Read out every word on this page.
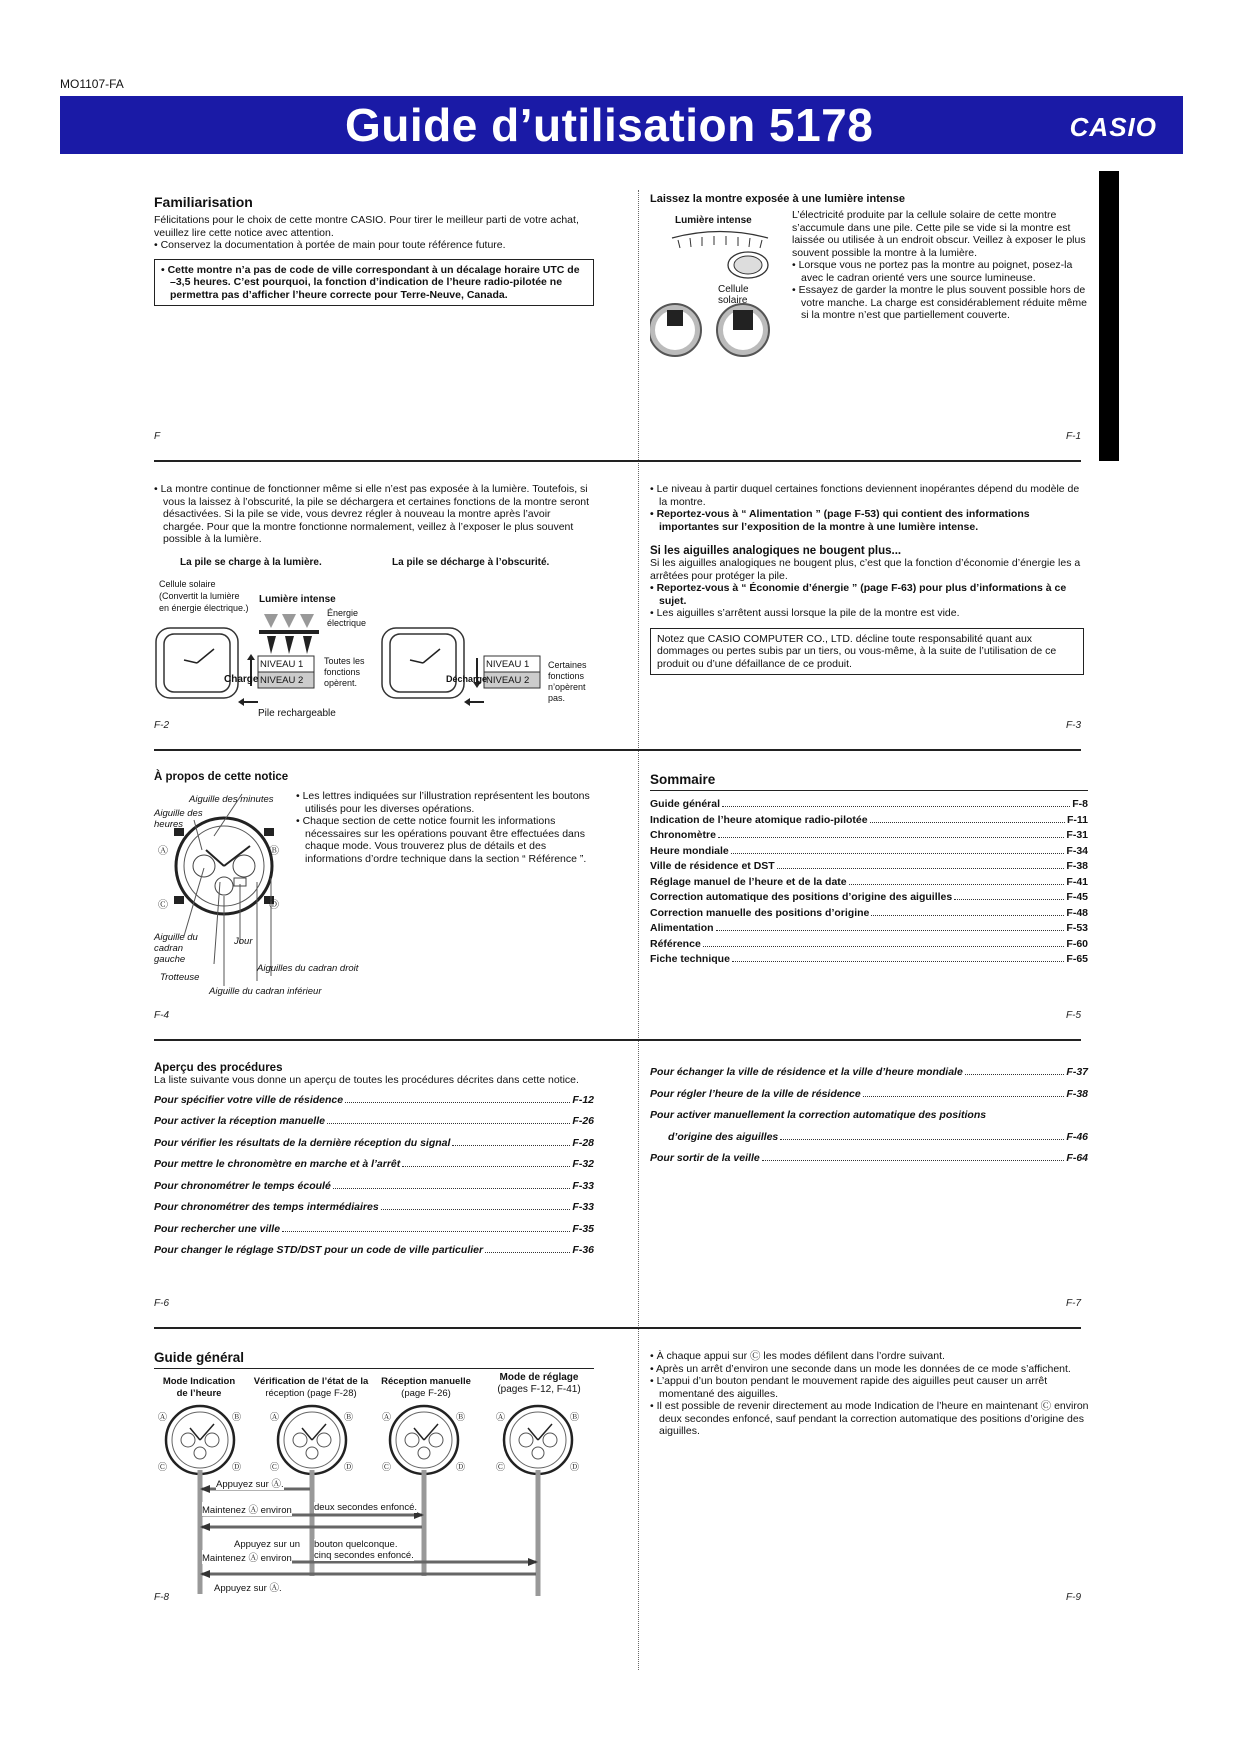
MO1107-FA
Guide d’utilisation 5178	CASIO
Familiarisation

Félicitations pour le choix de cette montre CASIO. Pour tirer le meilleur parti de votre achat, veuillez lire cette notice avec attention.

• Conservez la documentation à portée de main pour toute référence future.

• Cette montre n’a pas de code de ville correspondant à un décalage horaire UTC de –3,5 heures. C’est pourquoi, la fonction d’indication de l’heure radio-pilotée ne permettra pas d’afficher l’heure correcte pour Terre-Neuve, Canada.

Laissez la montre exposée à une lumière intense

Lumière intense
Cellule solaire

L’électricité produite par la cellule solaire de cette montre s’accumule dans une pile. Cette pile se vide si la montre est laissée ou utilisée à un endroit obscur. Veillez à exposer le plus souvent possible la montre à la lumière.

• Lorsque vous ne portez pas la montre au poignet, posez-la avec le cadran orienté vers une source lumineuse.

• Essayez de garder la montre le plus souvent possible hors de votre manche. La charge est considérablement réduite même si la montre n’est que partiellement couverte.

F	F-1

• La montre continue de fonctionner même si elle n’est pas exposée à la lumière. Toutefois, si vous la laissez à l’obscurité, la pile se déchargera et certaines fonctions de la montre seront désactivées. Si la pile se vide, vous devrez régler à nouveau la montre après l’avoir chargée. Pour que la montre fonctionne normalement, veillez à l’exposer le plus souvent possible à la lumière.

La pile se charge à la lumière.	La pile se décharge à l’obscurité.
Cellule solaire
(Convertit la lumière
en énergie électrique.)
Lumière intense
Énergie électrique
NIVEAU 1
NIVEAU 2
Charge
Toutes les fonctions opèrent.
NIVEAU 1
NIVEAU 2
Décharge
Certaines fonctions n’opèrent pas.
Pile rechargeable

• Le niveau à partir duquel certaines fonctions deviennent inopérantes dépend du modèle de la montre.

• Reportez-vous à “ Alimentation ” (page F-53) qui contient des informations importantes sur l’exposition de la montre à une lumière intense.

Si les aiguilles analogiques ne bougent plus...

Si les aiguilles analogiques ne bougent plus, c’est que la fonction d’économie d’énergie les a arrêtées pour protéger la pile.

• Reportez-vous à “ Économie d’énergie ” (page F-63) pour plus d’informations à ce sujet.

• Les aiguilles s’arrêtent aussi lorsque la pile de la montre est vide.

Notez que CASIO COMPUTER CO., LTD. décline toute responsabilité quant aux dommages ou pertes subis par un tiers, ou vous-même, à la suite de l’utilisation de ce produit ou d’une défaillance de ce produit.

F-2	F-3
À propos de cette notice
Aiguille des minutes
Aiguille des heures
Ⓐ	Ⓑ
Ⓒ	Ⓓ
Aiguille du cadran gauche
Jour
Trotteuse
Aiguilles du cadran droit
Aiguille du cadran inférieur

• Les lettres indiquées sur l’illustration représentent les boutons utilisés pour les diverses opérations.

• Chaque section de cette notice fournit les informations nécessaires sur les opérations pouvant être effectuées dans chaque mode. Vous trouverez plus de détails et des informations d’ordre technique dans la section “ Référence ”.

Sommaire
Guide général	F-8
Indication de l’heure atomique radio-pilotée	F-11
Chronomètre	F-31
Heure mondiale	F-34
Ville de résidence et DST	F-38
Réglage manuel de l’heure et de la date	F-41
Correction automatique des positions d’origine des aiguilles	F-45
Correction manuelle des positions d’origine	F-48
Alimentation	F-53
Référence	F-60
Fiche technique	F-65
F-4	F-5
Aperçu des procédures

La liste suivante vous donne un aperçu de toutes les procédures décrites dans cette notice.

Pour spécifier votre ville de résidence	F-12
Pour activer la réception manuelle	F-26
Pour vérifier les résultats de la dernière réception du signal	F-28
Pour mettre le chronomètre en marche et à l’arrêt	F-32
Pour chronométrer le temps écoulé	F-33
Pour chronométrer des temps intermédiaires	F-33
Pour rechercher une ville	F-35
Pour changer le réglage STD/DST pour un code de ville particulier	F-36
Pour échanger la ville de résidence et la ville d’heure mondiale	F-37
Pour régler l’heure de la ville de résidence	F-38
Pour activer manuellement la correction automatique des positions
d’origine des aiguilles	F-46
Pour sortir de la veille	F-64
F-6	F-7
Guide général
Mode Indication
de l’heure
Vérification de l’état de la
réception (page F-28)
Réception manuelle
(page F-26)
Mode de réglage
(pages F-12, F-41)
Ⓐ	Ⓑ
Ⓒ	Ⓓ
Ⓐ	Ⓑ
Ⓒ	Ⓓ
Ⓐ	Ⓑ
Ⓒ	Ⓓ
Ⓐ	Ⓑ
Ⓒ	Ⓓ
Appuyez sur Ⓐ.
Maintenez Ⓐ environ deux secondes enfoncé.
Appuyez sur un bouton quelconque.
Maintenez Ⓐ environ cinq secondes enfoncé.
Appuyez sur Ⓐ.

• À chaque appui sur Ⓒ les modes défilent dans l’ordre suivant.

• Après un arrêt d’environ une seconde dans un mode les données de ce mode s’affichent.

• L’appui d’un bouton pendant le mouvement rapide des aiguilles peut causer un arrêt momentané des aiguilles.

• Il est possible de revenir directement au mode Indication de l’heure en maintenant Ⓒ environ deux secondes enfoncé, sauf pendant la correction automatique des positions d’origine des aiguilles.

F-8	F-9
